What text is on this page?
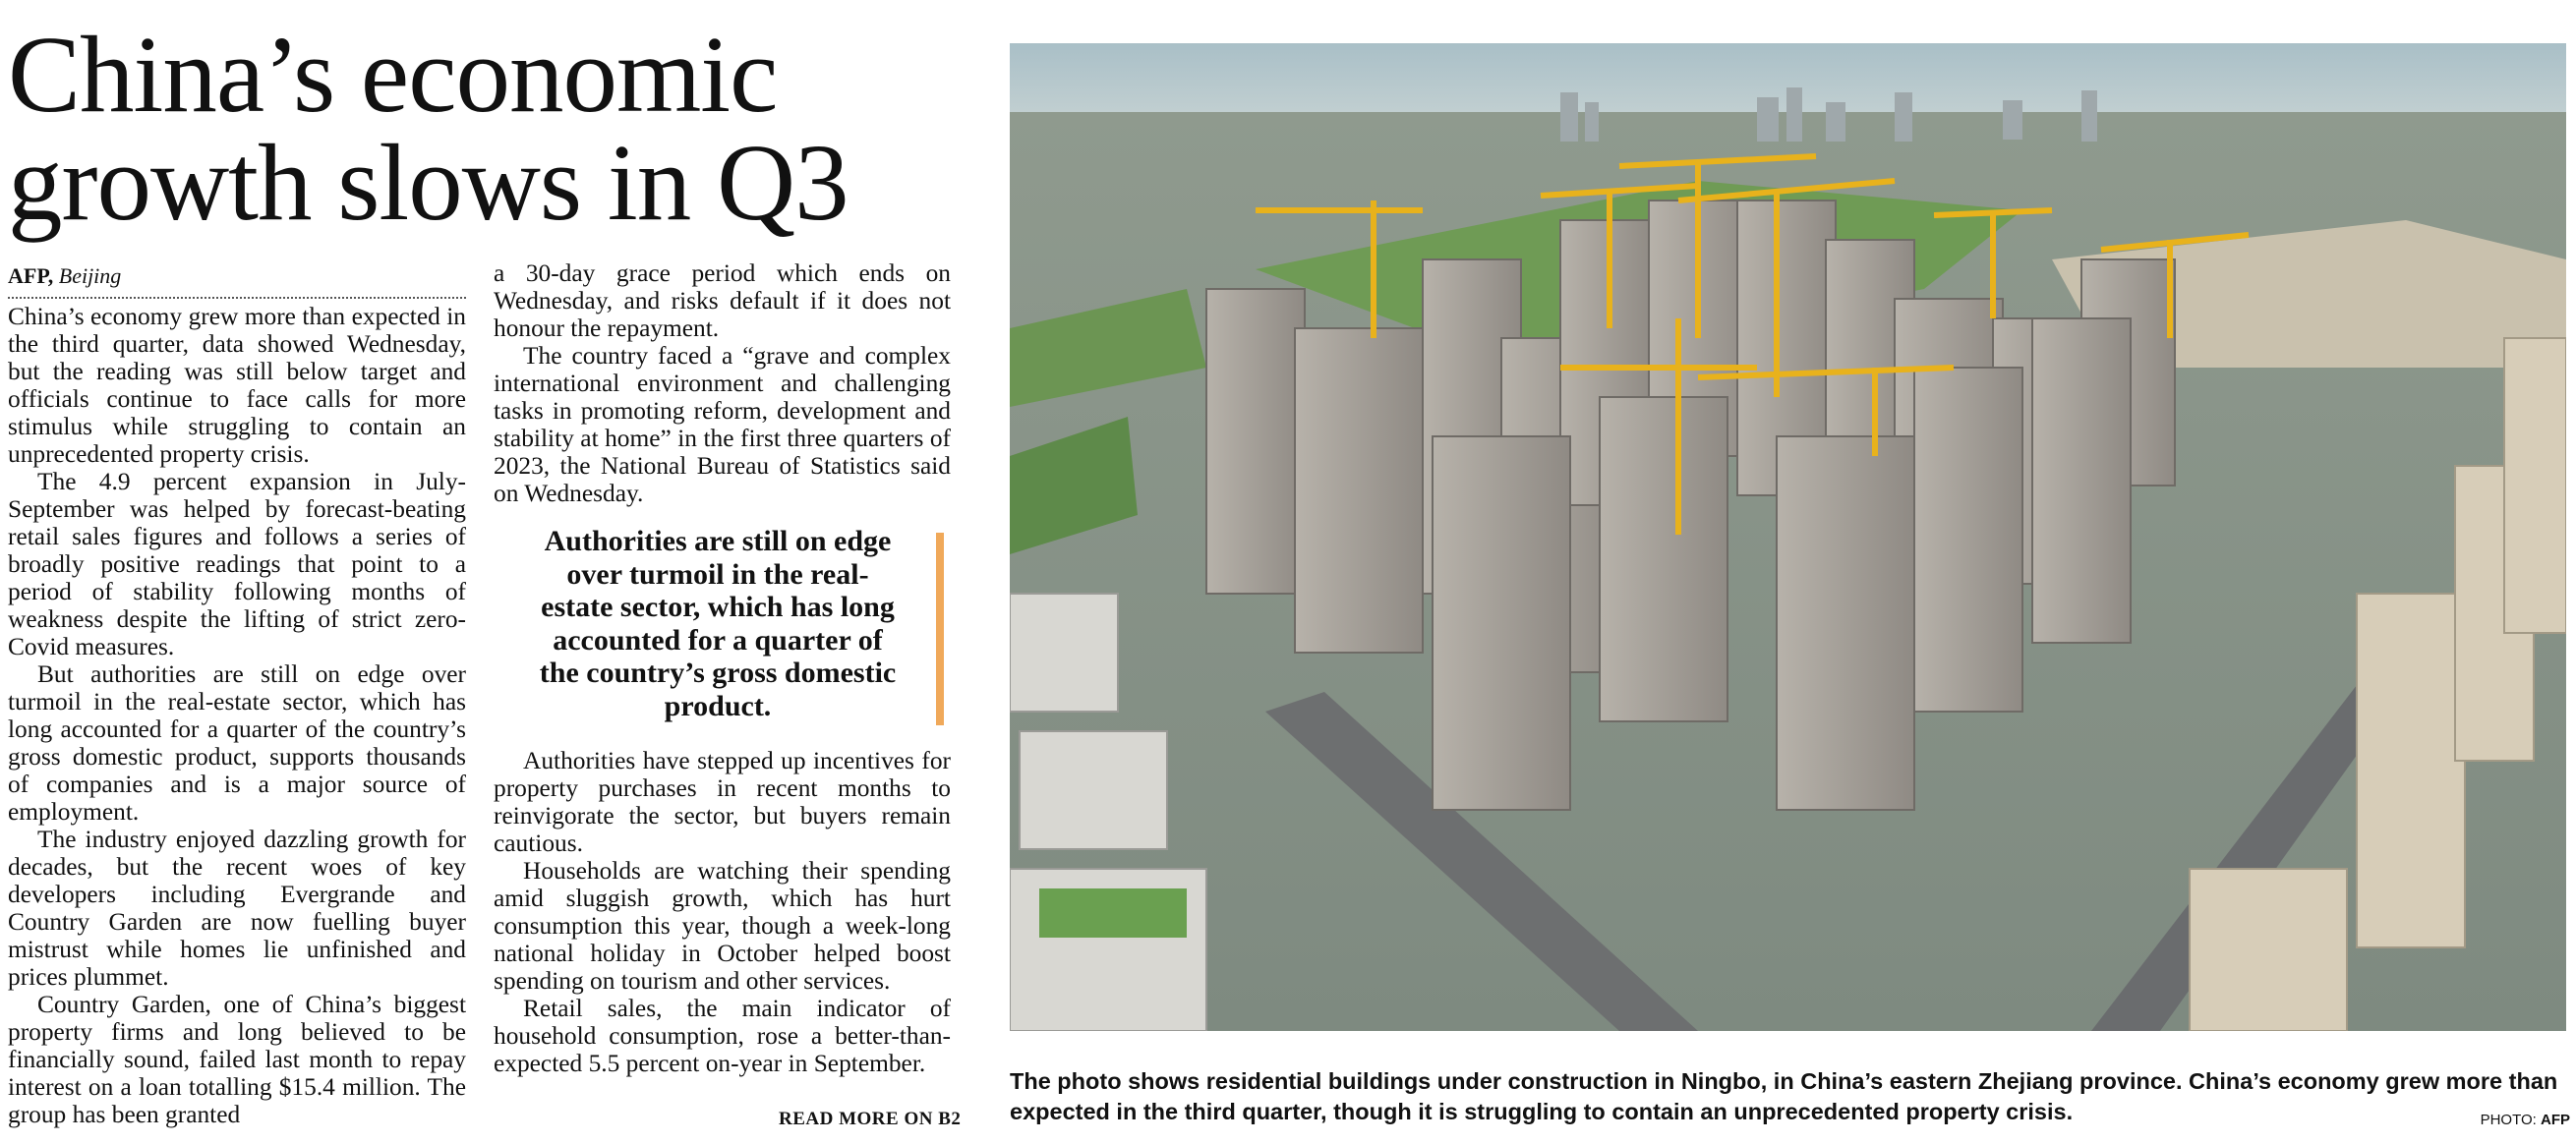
China’s economic growth slows in Q3
AFP, Beijing

China’s economy grew more than expected in the third quarter, data showed Wednesday, but the reading was still below target and officials continue to face calls for more stimulus while struggling to contain an unprecedented property crisis.

The 4.9 percent expansion in July-September was helped by forecast-beating retail sales figures and follows a series of broadly positive readings that point to a period of stability following months of weakness despite the lifting of strict zero-Covid measures.

But authorities are still on edge over turmoil in the real-estate sector, which has long accounted for a quarter of the country’s gross domestic product, supports thousands of companies and is a major source of employment.

The industry enjoyed dazzling growth for decades, but the recent woes of key developers including Evergrande and Country Garden are now fuelling buyer mistrust while homes lie unfinished and prices plummet.

Country Garden, one of China’s biggest property firms and long believed to be financially sound, failed last month to repay interest on a loan totalling $15.4 million. The group has been granted

a 30-day grace period which ends on Wednesday, and risks default if it does not honour the repayment.

The country faced a “grave and complex international environment and challenging tasks in promoting reform, development and stability at home” in the first three quarters of 2023, the National Bureau of Statistics said on Wednesday.

Authorities are still on edge over turmoil in the real-estate sector, which has long accounted for a quarter of the country’s gross domestic product.

Authorities have stepped up incentives for property purchases in recent months to reinvigorate the sector, but buyers remain cautious.

Households are watching their spending amid sluggish growth, which has hurt consumption this year, though a week-long national holiday in October helped boost spending on tourism and other services.

Retail sales, the main indicator of household consumption, rose a better-than-expected 5.5 percent on-year in September.

READ MORE ON B2

The photo shows residential buildings under construction in Ningbo, in China’s eastern Zhejiang province. China’s economy grew more than expected in the third quarter, though it is struggling to contain an unprecedented property crisis.	PHOTO: AFP
